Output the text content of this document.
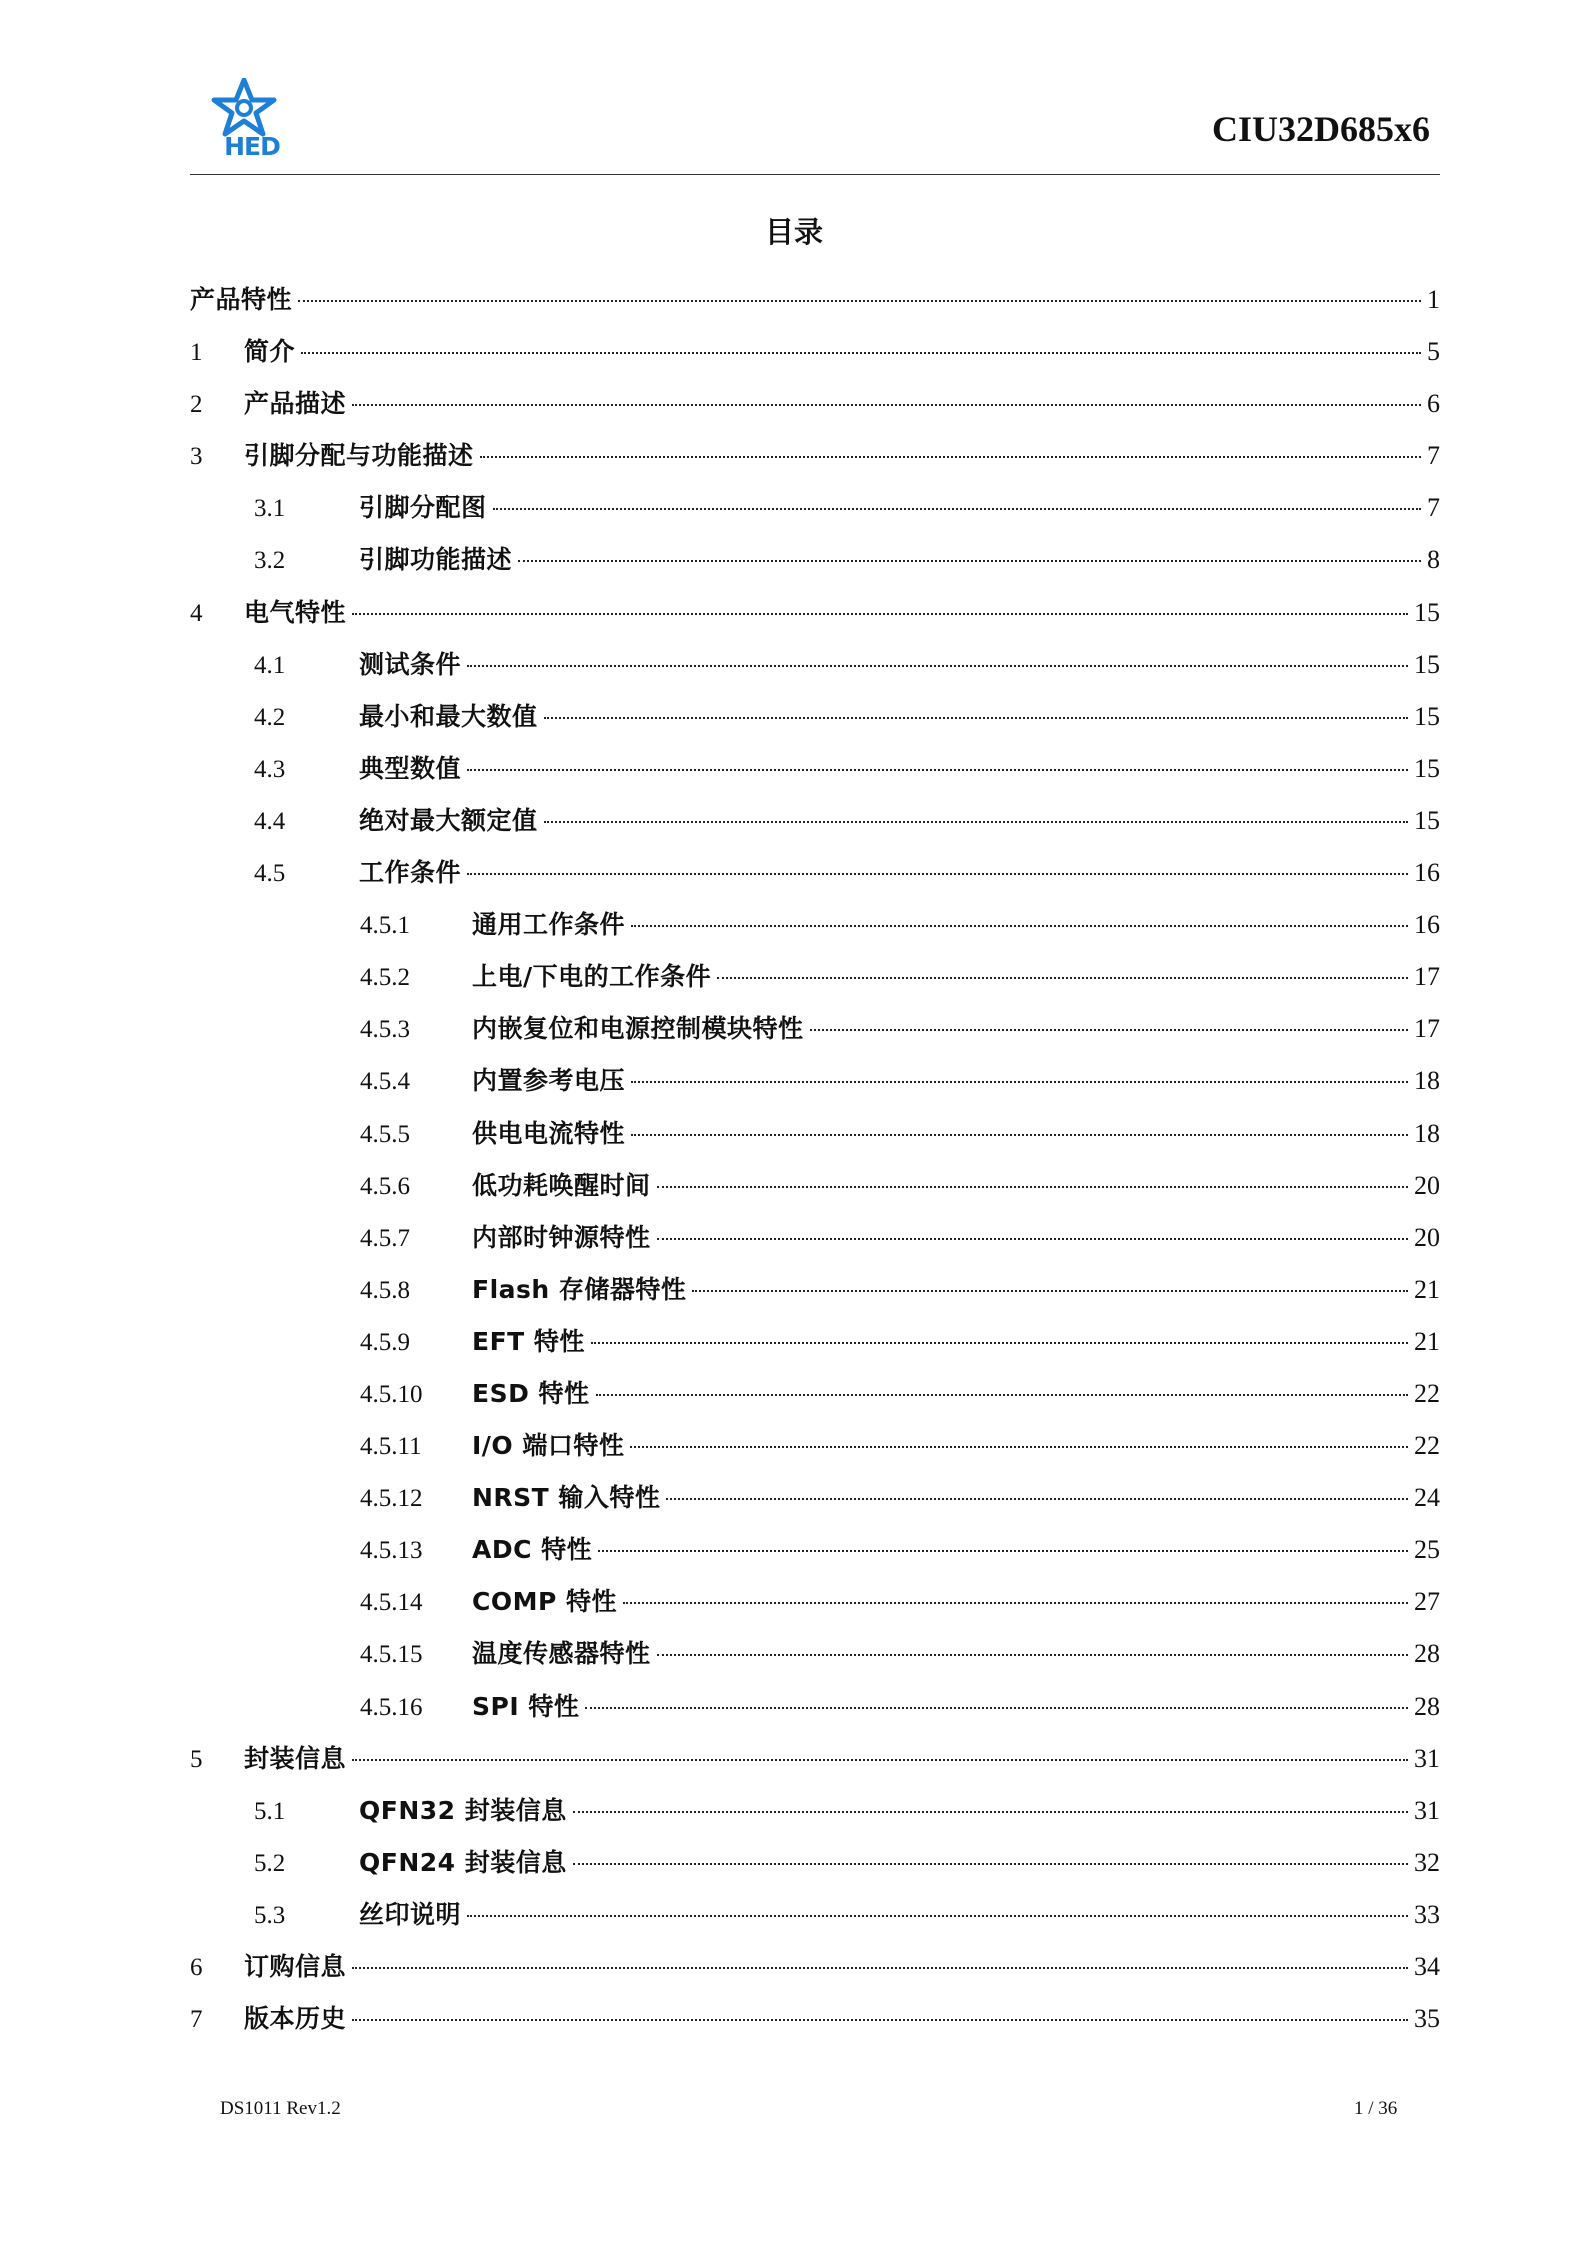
HED	CIU32D685x6
目录
产品特性	1
1	简介	5
2	产品描述	6
3	引脚分配与功能描述	7
3.1	引脚分配图	7
3.2	引脚功能描述	8
4	电气特性	15
4.1	测试条件	15
4.2	最小和最大数值	15
4.3	典型数值	15
4.4	绝对最大额定值	15
4.5	工作条件	16
4.5.1	通用工作条件	16
4.5.2	上电/下电的工作条件	17
4.5.3	内嵌复位和电源控制模块特性	17
4.5.4	内置参考电压	18
4.5.5	供电电流特性	18
4.5.6	低功耗唤醒时间	20
4.5.7	内部时钟源特性	20
4.5.8	Flash 存储器特性	21
4.5.9	EFT 特性	21
4.5.10	ESD 特性	22
4.5.11	I/O 端口特性	22
4.5.12	NRST 输入特性	24
4.5.13	ADC 特性	25
4.5.14	COMP 特性	27
4.5.15	温度传感器特性	28
4.5.16	SPI 特性	28
5	封装信息	31
5.1	QFN32 封装信息	31
5.2	QFN24 封装信息	32
5.3	丝印说明	33
6	订购信息	34
7	版本历史	35
DS1011 Rev1.2	1 / 36
